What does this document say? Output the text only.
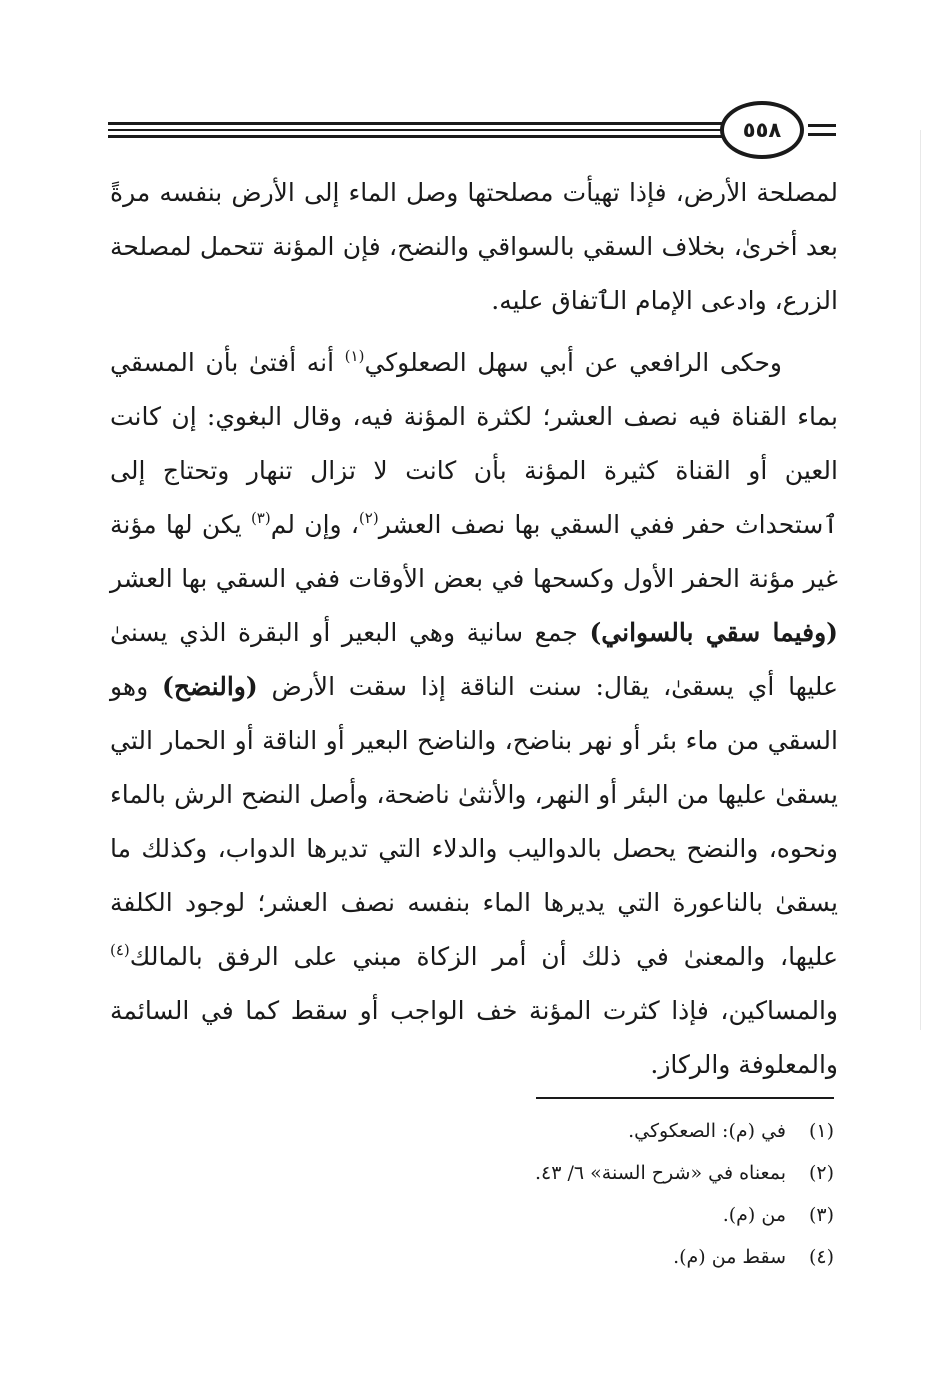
٥٥٨

لمصلحة الأرض، فإذا تهيأت مصلحتها وصل الماء إلى الأرض بنفسه مرةً بعد أخرىٰ، بخلاف السقي بالسواقي والنضح، فإن المؤنة تتحمل لمصلحة الزرع، وادعى الإمام الٱتفاق عليه.

وحكى الرافعي عن أبي سهل الصعلوكي$^{(١)}$ أنه أفتىٰ بأن المسقي بماء القناة فيه نصف العشر؛ لكثرة المؤنة فيه، وقال البغوي: إن كانت العين أو القناة كثيرة المؤنة بأن كانت لا تزال تنهار وتحتاج إلى ٱستحداث حفر ففي السقي بها نصف العشر$^{(٢)}$، وإن لم$^{(٣)}$ يكن لها مؤنة غير مؤنة الحفر الأول وكسحها في بعض الأوقات ففي السقي بها العشر (وفيما سقي بالسواني) جمع سانية وهي البعير أو البقرة الذي يسنىٰ عليها أي يسقىٰ، يقال: سنت الناقة إذا سقت الأرض (والنضح) وهو السقي من ماء بئر أو نهر بناضح، والناضح البعير أو الناقة أو الحمار التي يسقىٰ عليها من البئر أو النهر، والأنثىٰ ناضحة، وأصل النضح الرش بالماء ونحوه، والنضح يحصل بالدواليب والدلاء التي تديرها الدواب، وكذلك ما يسقىٰ بالناعورة التي يديرها الماء بنفسه نصف العشر؛ لوجود الكلفة عليها، والمعنىٰ في ذلك أن أمر الزكاة مبني على الرفق بالمالك$^{(٤)}$ والمساكين، فإذا كثرت المؤنة خف الواجب أو سقط كما في السائمة والمعلوفة والركاز.

(١)
في (م): الصعكوكي.
(٢)
بمعناه في «شرح السنة» ٦/ ٤٣.
(٣)
من (م).
(٤)
سقط من (م).
